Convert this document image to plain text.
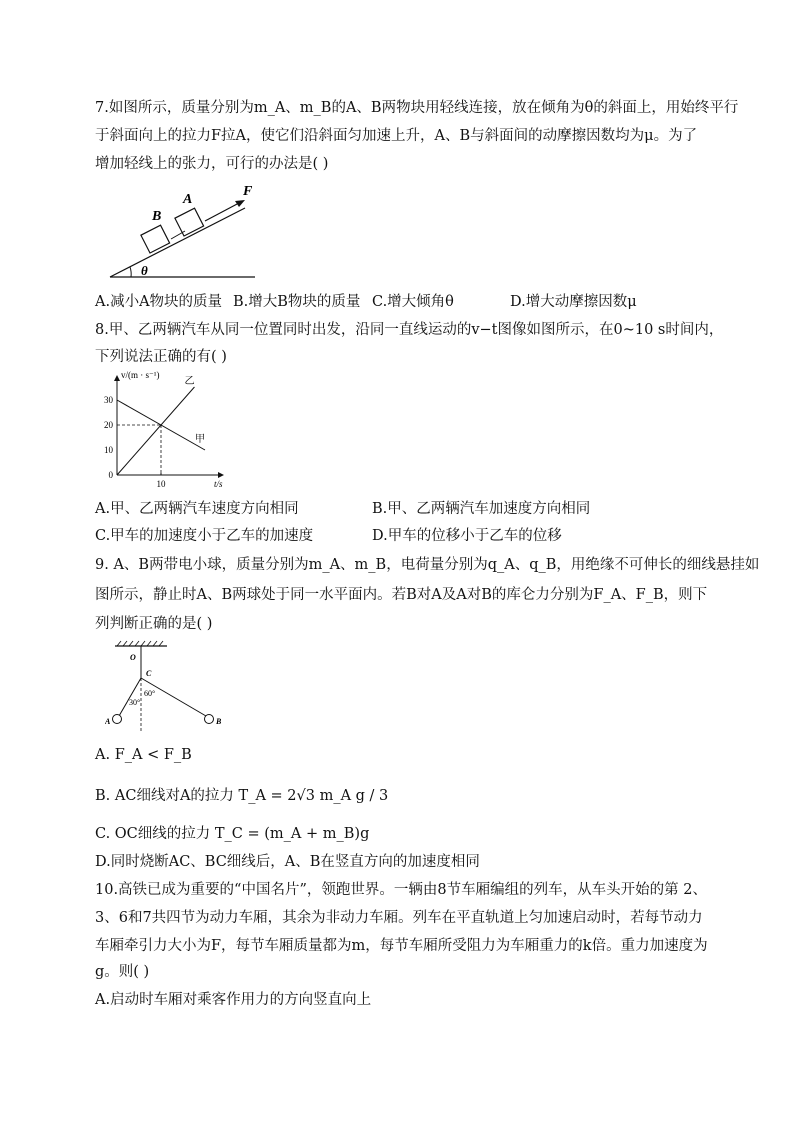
7.如图所示，质量分别为m_A、m_B的A、B两物块用轻线连接，放在倾角为θ的斜面上，用始终平行
于斜面向上的拉力F拉A，使它们沿斜面匀加速上升，A、B与斜面间的动摩擦因数均为μ。为了
增加轻线上的张力，可行的办法是( )
B
A
F
θ
A.减小A物块的质量 B.增大B物块的质量 C.增大倾角θ	D.增大动摩擦因数μ
8.甲、乙两辆汽车从同一位置同时出发，沿同一直线运动的v−t图像如图所示，在0~10 s时间内，
下列说法正确的有( )
v/(m · s⁻¹)
t/s
0
10
20
30
10
乙
甲
A.甲、乙两辆汽车速度方向相同	B.甲、乙两辆汽车加速度方向相同
C.甲车的加速度小于乙车的加速度	D.甲车的位移小于乙车的位移
9. A、B两带电小球，质量分别为m_A、m_B，电荷量分别为q_A、q_B，用绝缘不可伸长的细线悬挂如
图所示，静止时A、B两球处于同一水平面内。若B对A及A对B的库仑力分别为F_A、F_B，则下
列判断正确的是( )
O
C
60°
30°
A	B
A. F_A < F_B
B. AC细线对A的拉力 T_A = 2√3 m_A g / 3
C. OC细线的拉力 T_C = (m_A + m_B)g
D.同时烧断AC、BC细线后，A、B在竖直方向的加速度相同
10.高铁已成为重要的“中国名片”，领跑世界。一辆由8节车厢编组的列车，从车头开始的第 2、
3、6和7共四节为动力车厢，其余为非动力车厢。列车在平直轨道上匀加速启动时，若每节动力
车厢牵引力大小为F，每节车厢质量都为m，每节车厢所受阻力为车厢重力的k倍。重力加速度为
g。则( )
A.启动时车厢对乘客作用力的方向竖直向上
